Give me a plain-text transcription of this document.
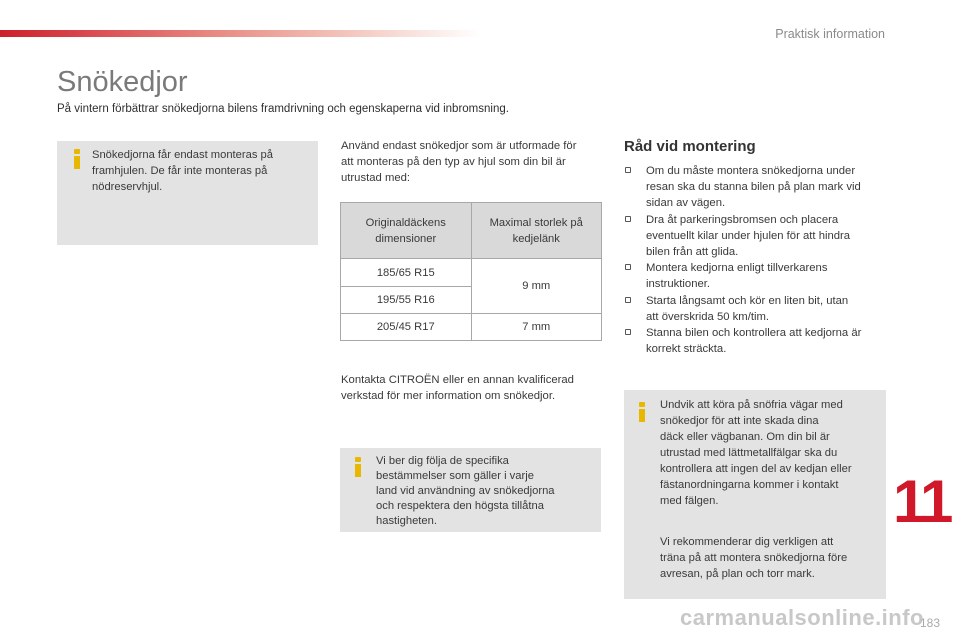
Praktisk information
Snökedjor

På vintern förbättrar snökedjorna bilens framdrivning och egenskaperna vid inbromsning.

Snökedjorna får endast monteras på
framhjulen. De får inte monteras på
nödreservhjul.

Använd endast snökedjor som är utformade för
att monteras på den typ av hjul som din bil är
utrustad med:

Originaldäckens
dimensioner	Maximal storlek på
kedjelänk
185/65 R15	9 mm
195/55 R16	
205/45 R17	7 mm

Kontakta CITROËN eller en annan kvalificerad
verkstad för mer information om snökedjor.

Vi ber dig följa de specifika
bestämmelser som gäller i varje
land vid användning av snökedjorna
och respektera den högsta tillåtna
hastigheten.

Råd vid montering
Om du måste montera snökedjorna under
resan ska du stanna bilen på plan mark vid
sidan av vägen.
Dra åt parkeringsbromsen och placera
eventuellt kilar under hjulen för att hindra
bilen från att glida.
Montera kedjorna enligt tillverkarens
instruktioner.
Starta långsamt och kör en liten bit, utan
att överskrida 50 km/tim.
Stanna bilen och kontrollera att kedjorna är
korrekt sträckta.

Undvik att köra på snöfria vägar med
snökedjor för att inte skada dina
däck eller vägbanan. Om din bil är
utrustad med lättmetallfälgar ska du
kontrollera att ingen del av kedjan eller
fästanordningarna kommer i kontakt
med fälgen.

Vi rekommenderar dig verkligen att
träna på att montera snökedjorna före
avresan, på plan och torr mark.

11
carmanualsonline.info
183
